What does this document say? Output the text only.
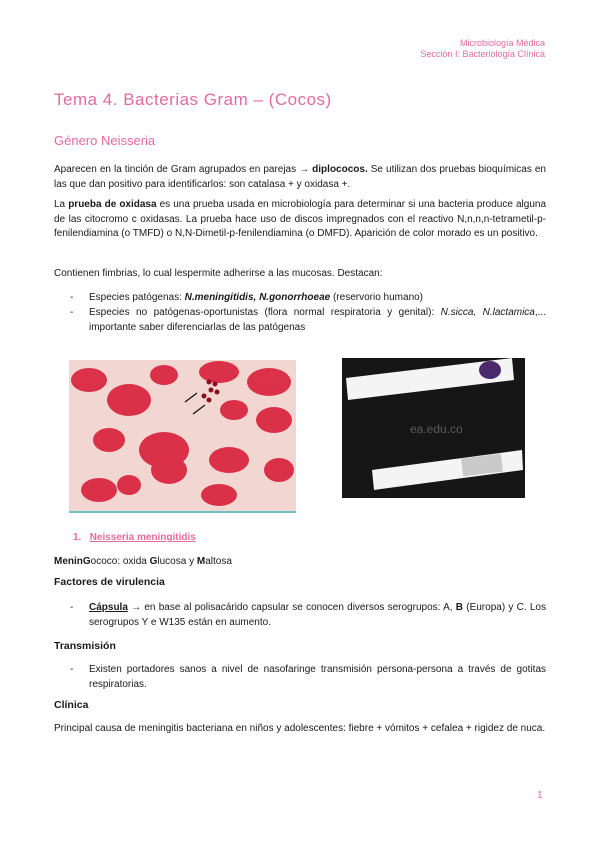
Microbiología Médica
Sección I: Bacteriología Clínica
Tema 4. Bacterias Gram – (Cocos)
Género Neisseria
Aparecen en la tinción de Gram agrupados en parejas → diplococos. Se utilizan dos pruebas bioquímicas en las que dan positivo para identificarlos: son catalasa + y oxidasa +.
La prueba de oxidasa es una prueba usada en microbiología para determinar si una bacteria produce alguna de las citocromo c oxidasas. La prueba hace uso de discos impregnados con el reactivo N,n,n,n-tetrametil-p-fenilendiamina (o TMFD) o N,N-Dimetil-p-fenilendiamina (o DMFD). Aparición de color morado es un positivo.
Contienen fimbrias, lo cual lespermite adherirse a las mucosas. Destacan:
- Especies patógenas: N.meningitidis, N.gonorrhoeae (reservorio humano)
- Especies no patógenas-oportunistas (flora normal respiratoria y genital): N.sicca, N.lactamica,... importante saber diferenciarlas de las patógenas
ea.edu.co
1. Neisseria meningitidis
MeninGococo: oxida Glucosa y Maltosa
Factores de virulencia
- Cápsula → en base al polisacárido capsular se conocen diversos serogrupos: A, B (Europa) y C. Los serogrupos Y e W135 están en aumento.
Transmisión
- Existen portadores sanos a nivel de nasofaringe transmisión persona-persona a través de gotitas respiratorias.
Clínica
Principal causa de meningitis bacteriana en niños y adolescentes: fiebre + vómitos + cefalea + rigidez de nuca.
1
